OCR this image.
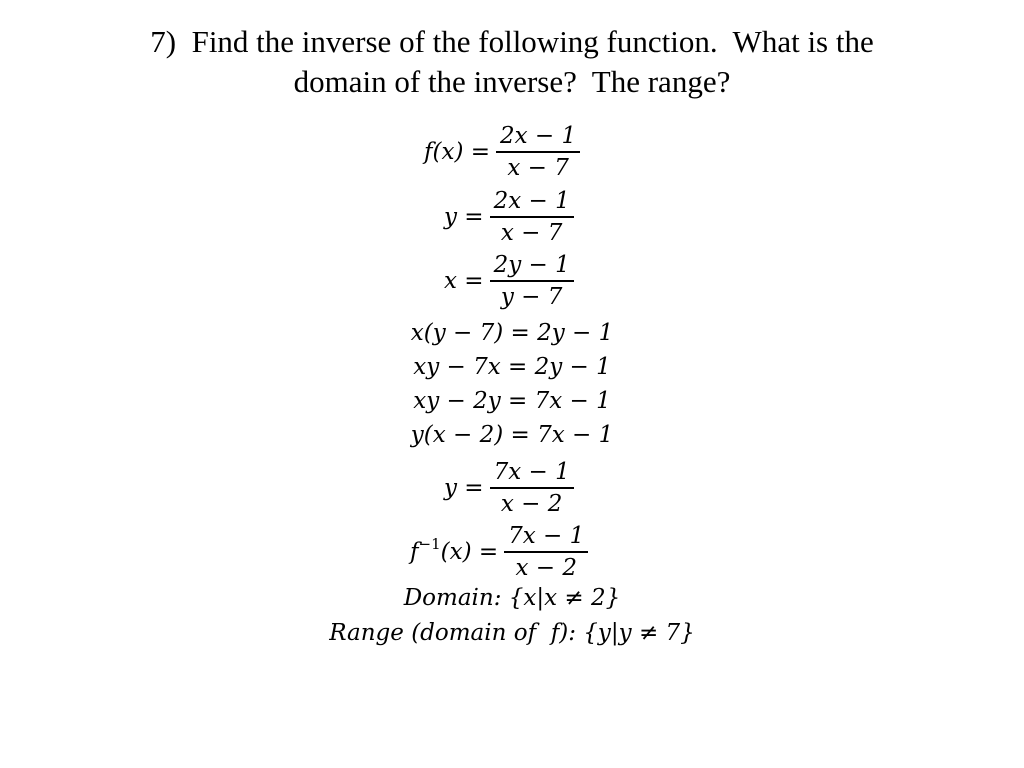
7)  Find the inverse of the following function.  What is the
domain of the inverse?  The range?
$f(x) = \frac{2x - 1}{x - 7}$
$y = \frac{2x - 1}{x - 7}$
$x = \frac{2y - 1}{y - 7}$
x(y − 7) = 2y − 1
xy − 7x = 2y − 1
xy − 2y = 7x − 1
y(x − 2) = 7x − 1
$y = \frac{7x - 1}{x - 2}$
$f^{-1}(x) = \frac{7x - 1}{x - 2}$
Domain: {x|x ≠ 2}
Range (domain of  f): {y|y ≠ 7}
